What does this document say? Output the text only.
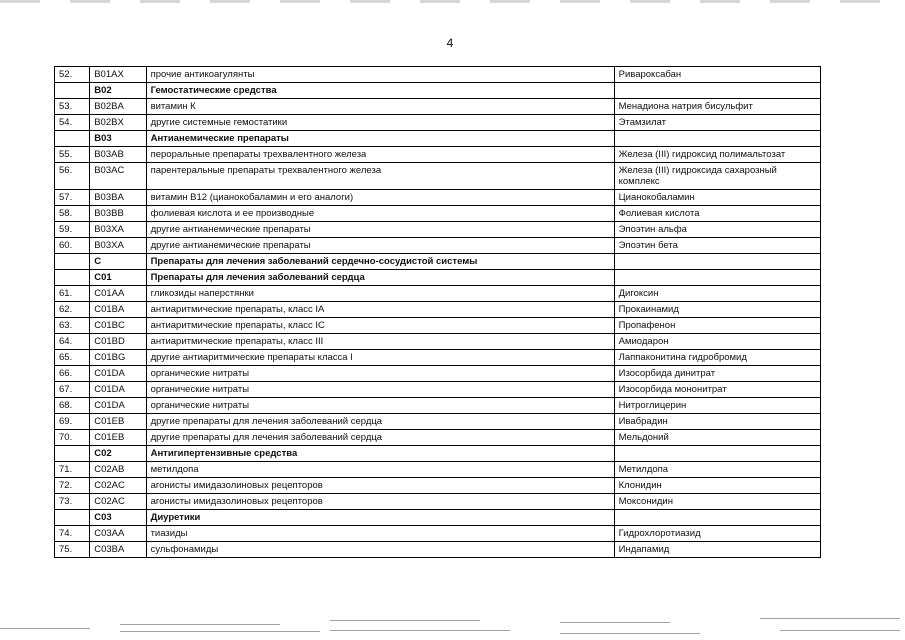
4
52.	B01AX	прочие антикоагулянты	Ривароксабан
	B02	Гемостатические средства	
53.	B02BA	витамин К	Менадиона натрия бисульфит
54.	B02BX	другие системные гемостатики	Этамзилат
	B03	Антианемические препараты	
55.	B03AB	пероральные препараты трехвалентного железа	Железа (III) гидроксид полимальтозат
56.	B03AC	парентеральные препараты трехвалентного железа	Железа (III) гидроксида сахарозный комплекс
57.	B03BA	витамин B12 (цианокобаламин и его аналоги)	Цианокобаламин
58.	B03BB	фолиевая кислота и ее производные	Фолиевая кислота
59.	B03XA	другие антианемические препараты	Эпоэтин альфа
60.	B03XA	другие антианемические препараты	Эпоэтин бета
	C	Препараты для лечения заболеваний сердечно-сосудистой системы	
	C01	Препараты для лечения заболеваний сердца	
61.	C01AA	гликозиды наперстянки	Дигоксин
62.	C01BA	антиаритмические препараты, класс IA	Прокаинамид
63.	C01BC	антиаритмические препараты, класс IC	Пропафенон
64.	C01BD	антиаритмические препараты, класс III	Амиодарон
65.	C01BG	другие антиаритмические препараты класса I	Лаппаконитина гидробромид
66.	C01DA	органические нитраты	Изосорбида динитрат
67.	C01DA	органические нитраты	Изосорбида мононитрат
68.	C01DA	органические нитраты	Нитроглицерин
69.	C01EB	другие препараты для лечения заболеваний сердца	Ивабрадин
70.	C01EB	другие препараты для лечения заболеваний сердца	Мельдоний
	C02	Антигипертензивные средства	
71.	C02AB	метилдопа	Метилдопа
72.	C02AC	агонисты имидазолиновых рецепторов	Клонидин
73.	C02AC	агонисты имидазолиновых рецепторов	Моксонидин
	C03	Диуретики	
74.	C03AA	тиазиды	Гидрохлоротиазид
75.	C03BA	сульфонамиды	Индапамид
